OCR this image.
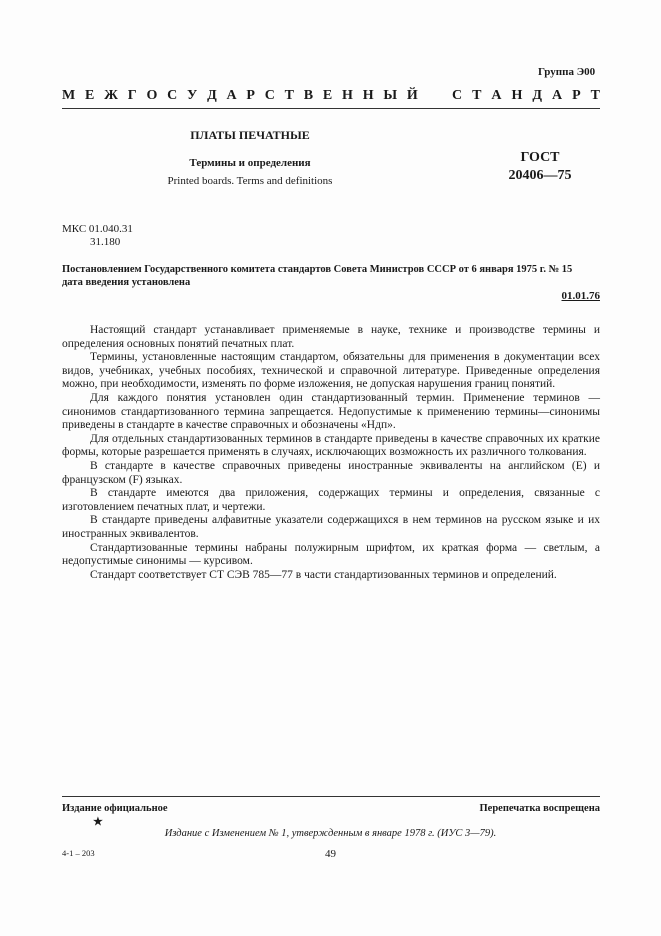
Группа Э00
М Е Ж Г О С У Д А Р С Т В Е Н Н Ы Й С Т А Н Д А Р Т
ПЛАТЫ ПЕЧАТНЫЕ
Термины и определения
Printed boards. Terms and definitions
ГОСТ
20406—75
МКС 01.040.31
31.180
Постановлением Государственного комитета стандартов Совета Министров СССР от 6 января 1975 г. № 15
дата введения установлена
01.01.76

Настоящий стандарт устанавливает применяемые в науке, технике и производстве термины и определения основных понятий печатных плат.

Термины, установленные настоящим стандартом, обязательны для применения в документации всех видов, учебниках, учебных пособиях, технической и справочной литературе. Приведенные определения можно, при необходимости, изменять по форме изложения, не допуская нарушения границ понятий.

Для каждого понятия установлен один стандартизованный термин. Применение терминов — синонимов стандартизованного термина запрещается. Недопустимые к применению термины—синонимы приведены в стандарте в качестве справочных и обозначены «Ндп».

Для отдельных стандартизованных терминов в стандарте приведены в качестве справочных их краткие формы, которые разрешается применять в случаях, исключающих возможность их различного толкования.

В стандарте в качестве справочных приведены иностранные эквиваленты на английском (Е) и французском (F) языках.

В стандарте имеются два приложения, содержащих термины и определения, связанные с изготовлением печатных плат, и чертежи.

В стандарте приведены алфавитные указатели содержащихся в нем терминов на русском языке и их иностранных эквивалентов.

Стандартизованные термины набраны полужирным шрифтом, их краткая форма — светлым, а недопустимые синонимы — курсивом.

Стандарт соответствует СТ СЭВ 785—77 в части стандартизованных терминов и определений.

Издание официальное	Перепечатка воспрещена
★
Издание с Изменением № 1, утвержденным в январе 1978 г. (ИУС 3—79).
4-1 – 203	49
